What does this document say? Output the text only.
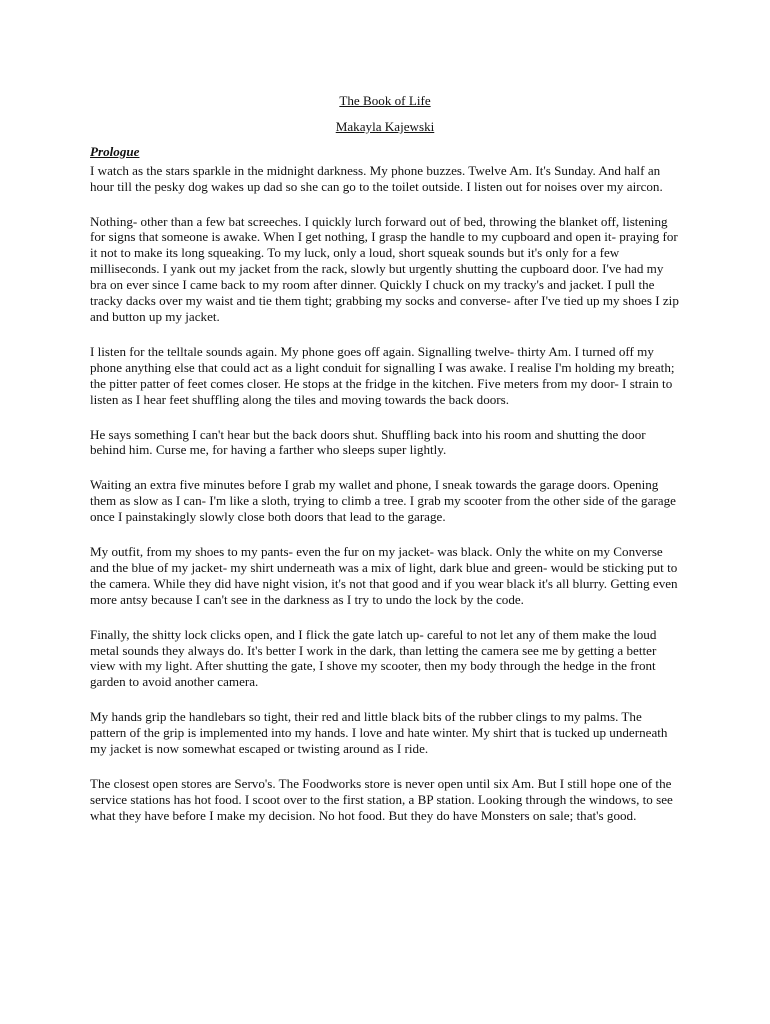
The Book of Life

Makayla Kajewski

Prologue

I watch as the stars sparkle in the midnight darkness. My phone buzzes. Twelve Am. It's Sunday. And half an hour till the pesky dog wakes up dad so she can go to the toilet outside. I listen out for noises over my aircon.

Nothing- other than a few bat screeches. I quickly lurch forward out of bed, throwing the blanket off, listening for signs that someone is awake. When I get nothing, I grasp the handle to my cupboard and open it- praying for it not to make its long squeaking. To my luck, only a loud, short squeak sounds but it's only for a few milliseconds. I yank out my jacket from the rack, slowly but urgently shutting the cupboard door. I've had my bra on ever since I came back to my room after dinner. Quickly I chuck on my tracky's and jacket. I pull the tracky dacks over my waist and tie them tight; grabbing my socks and converse- after I've tied up my shoes I zip and button up my jacket.

I listen for the telltale sounds again. My phone goes off again. Signalling twelve- thirty Am. I turned off my phone anything else that could act as a light conduit for signalling I was awake. I realise I'm holding my breath; the pitter patter of feet comes closer. He stops at the fridge in the kitchen. Five meters from my door- I strain to listen as I hear feet shuffling along the tiles and moving towards the back doors.

He says something I can't hear but the back doors shut. Shuffling back into his room and shutting the door behind him. Curse me, for having a farther who sleeps super lightly.

Waiting an extra five minutes before I grab my wallet and phone, I sneak towards the garage doors. Opening them as slow as I can- I'm like a sloth, trying to climb a tree. I grab my scooter from the other side of the garage once I painstakingly slowly close both doors that lead to the garage.

My outfit, from my shoes to my pants- even the fur on my jacket- was black. Only the white on my Converse and the blue of my jacket- my shirt underneath was a mix of light, dark blue and green- would be sticking put to the camera. While they did have night vision, it's not that good and if you wear black it's all blurry. Getting even more antsy because I can't see in the darkness as I try to undo the lock by the code.

Finally, the shitty lock clicks open, and I flick the gate latch up- careful to not let any of them make the loud metal sounds they always do. It's better I work in the dark, than letting the camera see me by getting a better view with my light. After shutting the gate, I shove my scooter, then my body through the hedge in the front garden to avoid another camera.

My hands grip the handlebars so tight, their red and little black bits of the rubber clings to my palms. The pattern of the grip is implemented into my hands. I love and hate winter. My shirt that is tucked up underneath my jacket is now somewhat escaped or twisting around as I ride.

The closest open stores are Servo's. The Foodworks store is never open until six Am. But I still hope one of the service stations has hot food. I scoot over to the first station, a BP station. Looking through the windows, to see what they have before I make my decision. No hot food. But they do have Monsters on sale; that's good.
